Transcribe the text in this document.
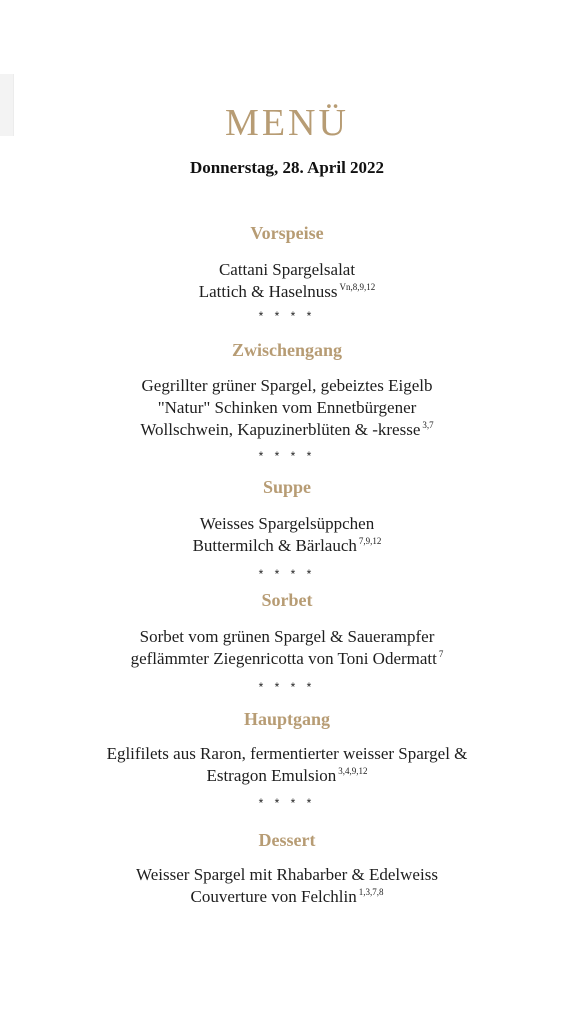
MENÜ
Donnerstag, 28. April 2022
Vorspeise
Cattani Spargelsalat
Lattich & Haselnuss $^{Vn,8,9,12}$
* * * *
Zwischengang
Gegrillter grüner Spargel, gebeiztes Eigelb
"Natur" Schinken vom Ennetbürgener
Wollschwein, Kapuzinerblüten & -kresse $^{3,7}$
* * * *
Suppe
Weisses Spargelsüppchen
Buttermilch & Bärlauch $^{7,9,12}$
* * * *
Sorbet
Sorbet vom grünen Spargel & Sauerampfer
geflämmter Ziegenricotta von Toni Odermatt $^7$
* * * *
Hauptgang
Eglifilets aus Raron, fermentierter weisser Spargel &
Estragon Emulsion $^{3,4,9,12}$
* * * *
Dessert
Weisser Spargel mit Rhabarber & Edelweiss
Couverture von Felchlin $^{1,3,7,8}$
